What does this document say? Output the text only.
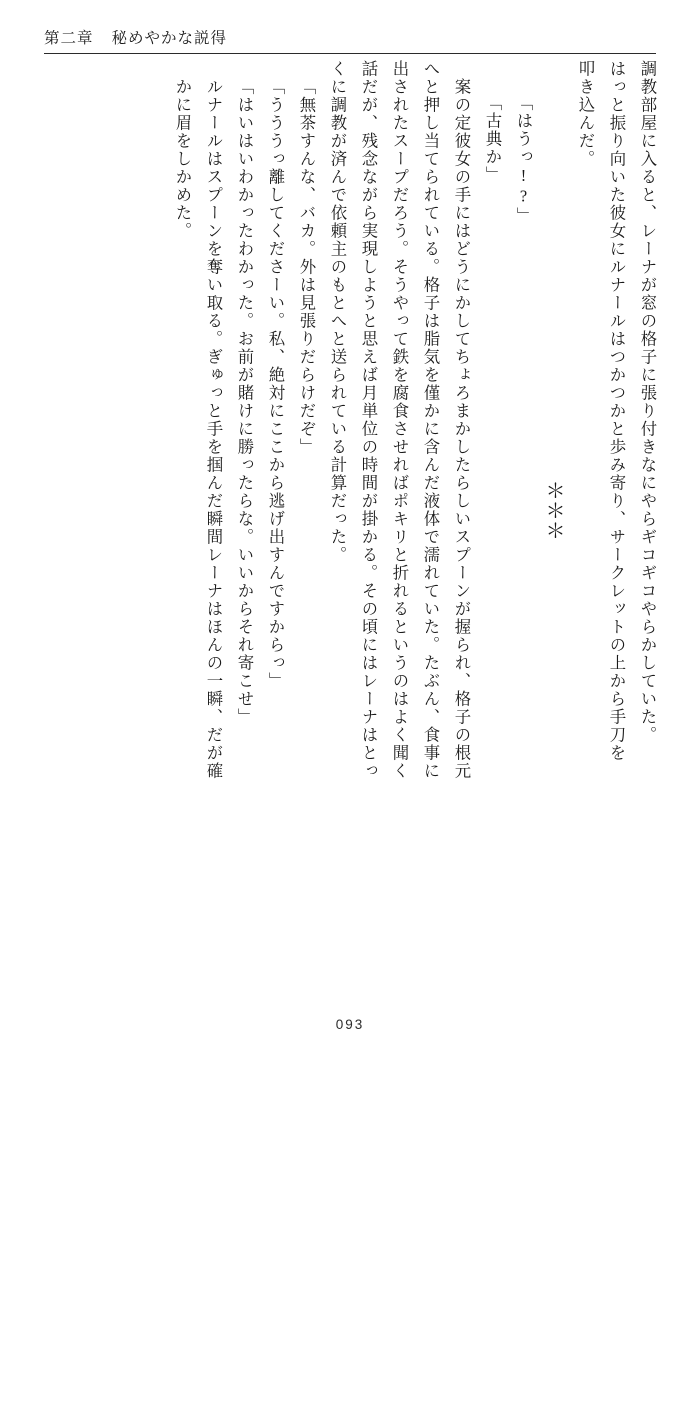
第二章 秘めやかな説得
調教部屋に入ると、レーナが窓の格子に張り付きなにやらギコギコやらかしていた。
はっと振り向いた彼女にルナールはつかつかと歩み寄り、サークレットの上から手刀を
叩き込んだ。
＊＊＊
「はうっ!?」
「古典か」
案の定彼女の手にはどうにかしてちょろまかしたらしいスプーンが握られ、格子の根元
へと押し当てられている。格子は脂気を僅かに含んだ液体で濡れていた。たぶん、食事に
出されたスープだろう。そうやって鉄を腐食させればポキリと折れるというのはよく聞く
話だが、残念ながら実現しようと思えば月単位の時間が掛かる。その頃にはレーナはとっ
くに調教が済んで依頼主のもとへと送られている計算だった。
「無茶すんな、バカ。外は見張りだらけだぞ」
「うううっ離してくださーい。私、絶対にここから逃げ出すんですからっ」
「はいはいわかったわかった。お前が賭けに勝ったらな。いいからそれ寄こせ」
ルナールはスプーンを奪い取る。ぎゅっと手を掴んだ瞬間レーナはほんの一瞬、だが確
かに眉をしかめた。
093
